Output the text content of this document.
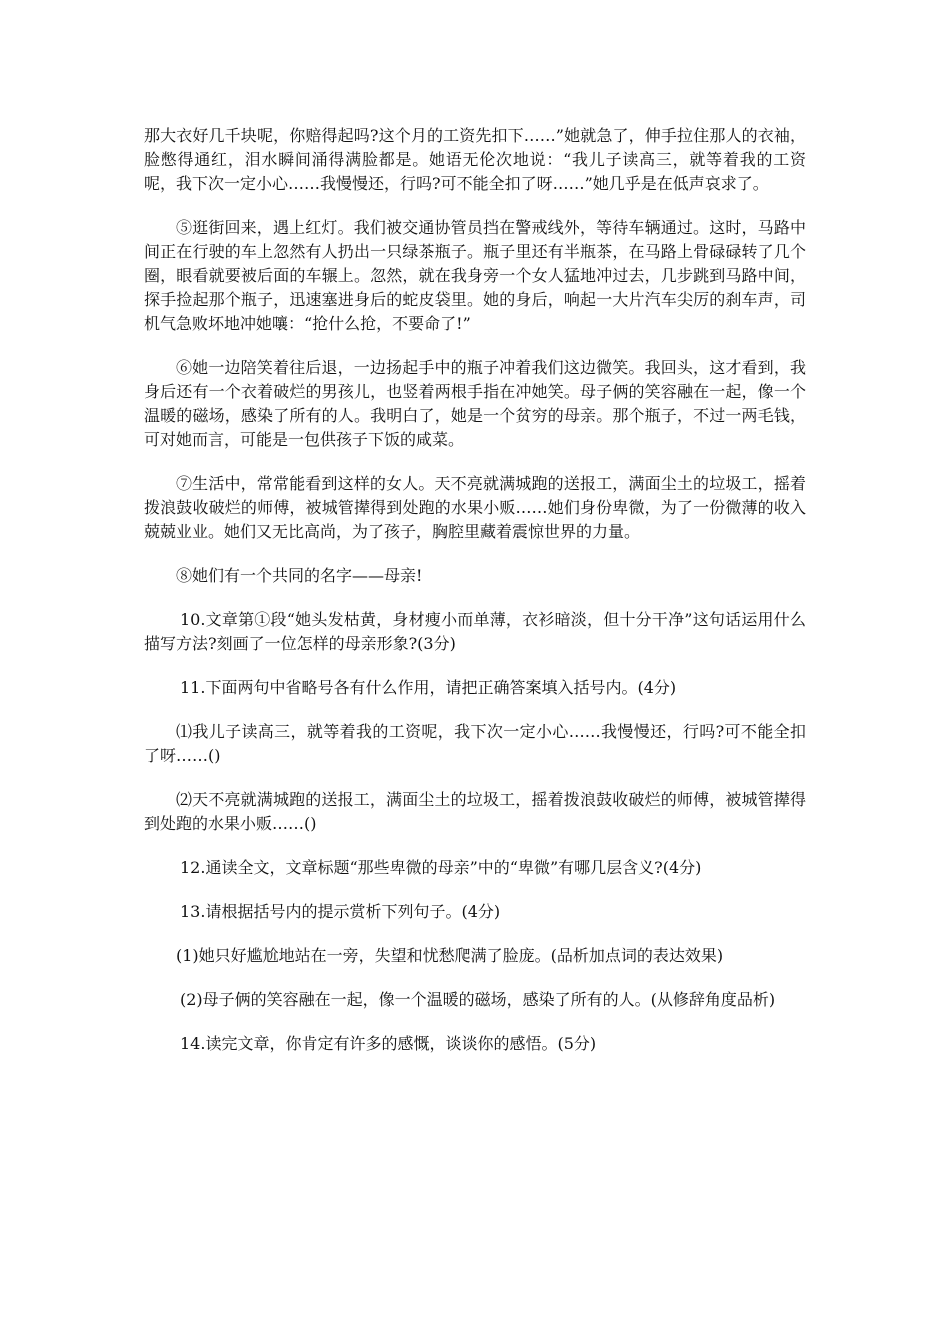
那大衣好几千块呢，你赔得起吗?这个月的工资先扣下……”她就急了，伸手拉住那人的衣袖，脸憋得通红，泪水瞬间涌得满脸都是。她语无伦次地说：“我儿子读高三，就等着我的工资呢，我下次一定小心……我慢慢还，行吗?可不能全扣了呀……”她几乎是在低声哀求了。

⑤逛街回来，遇上红灯。我们被交通协管员挡在警戒线外，等待车辆通过。这时，马路中间正在行驶的车上忽然有人扔出一只绿茶瓶子。瓶子里还有半瓶茶，在马路上骨碌碌转了几个圈，眼看就要被后面的车辗上。忽然，就在我身旁一个女人猛地冲过去，几步跳到马路中间，探手捡起那个瓶子，迅速塞进身后的蛇皮袋里。她的身后，响起一大片汽车尖厉的刹车声，司机气急败坏地冲她嚷：“抢什么抢，不要命了!”

⑥她一边陪笑着往后退，一边扬起手中的瓶子冲着我们这边微笑。我回头，这才看到，我身后还有一个衣着破烂的男孩儿，也竖着两根手指在冲她笑。母子俩的笑容融在一起，像一个温暖的磁场，感染了所有的人。我明白了，她是一个贫穷的母亲。那个瓶子，不过一两毛钱，可对她而言，可能是一包供孩子下饭的咸菜。

⑦生活中，常常能看到这样的女人。天不亮就满城跑的送报工，满面尘土的垃圾工，摇着拨浪鼓收破烂的师傅，被城管撵得到处跑的水果小贩……她们身份卑微，为了一份微薄的收入兢兢业业。她们又无比高尚，为了孩子，胸腔里藏着震惊世界的力量。

⑧她们有一个共同的名字——母亲!

10.文章第①段“她头发枯黄，身材瘦小而单薄，衣衫暗淡，但十分干净”这句话运用什么描写方法?刻画了一位怎样的母亲形象?(3分)

11.下面两句中省略号各有什么作用，请把正确答案填入括号内。(4分)

⑴我儿子读高三，就等着我的工资呢，我下次一定小心……我慢慢还，行吗?可不能全扣了呀……()

⑵天不亮就满城跑的送报工，满面尘土的垃圾工，摇着拨浪鼓收破烂的师傅，被城管撵得到处跑的水果小贩……()

12.通读全文，文章标题“那些卑微的母亲”中的“卑微”有哪几层含义?(4分)

13.请根据括号内的提示赏析下列句子。(4分)

(1)她只好尴尬地站在一旁，失望和忧愁爬满了脸庞。(品析加点词的表达效果)

(2)母子俩的笑容融在一起，像一个温暖的磁场，感染了所有的人。(从修辞角度品析)

14.读完文章，你肯定有许多的感慨，谈谈你的感悟。(5分)
